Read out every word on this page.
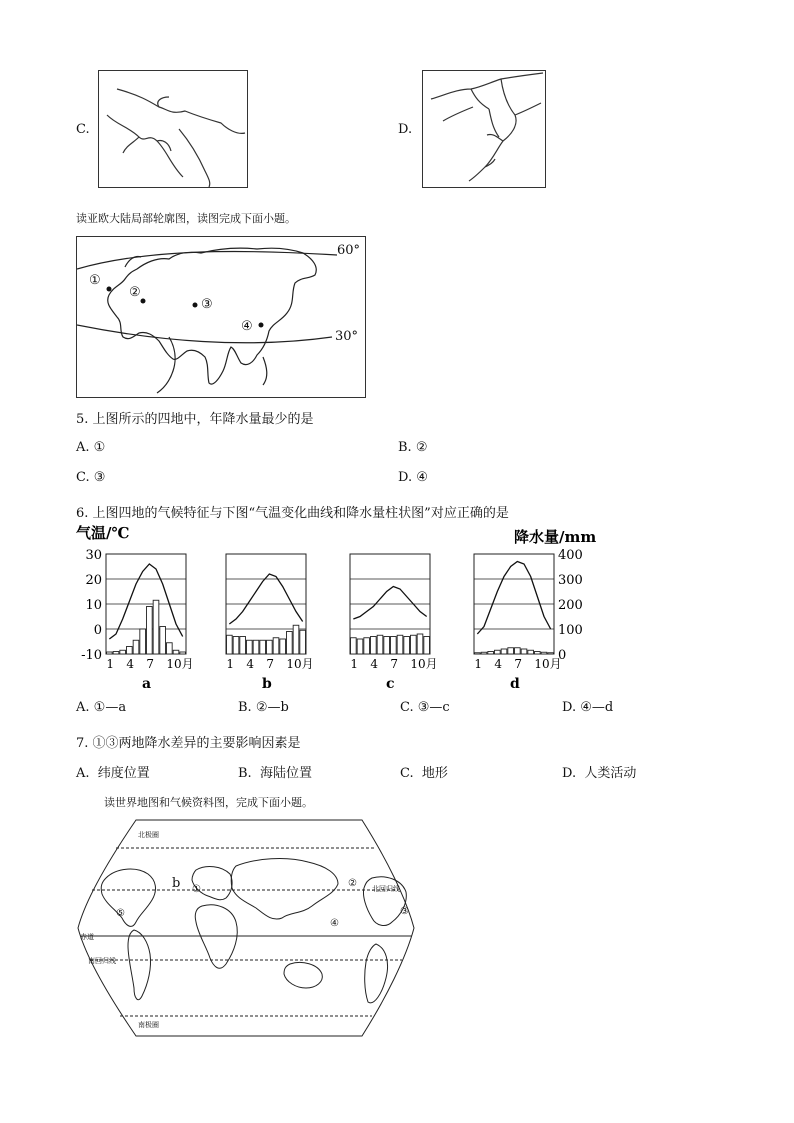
C.	D.
读亚欧大陆局部轮廓图，读图完成下面小题。
①
②
③
④
60°
30°
5. 上图所示的四地中，年降水量最少的是
A. ①	B. ②
C. ③	D. ④
6. 上图四地的气候特征与下图“气温变化曲线和降水量柱状图”对应正确的是
气温/℃	降水量/mm
30
20
10
0
-10
400
300
200
100
0
1 4 7 10月
a
1 4 7 10月
b
1 4 7 10月
c
1 4 7 10月
d
A. ①—a	B. ②—b	C. ③—c	D. ④—d
7. ①③两地降水差异的主要影响因素是
A. 纬度位置	B. 海陆位置	C. 地形	D. 人类活动
读世界地图和气候资料图，完成下面小题。
北极圈
北回归线
赤道
南回归线
南极圈
b ①
②
③
④
⑤
